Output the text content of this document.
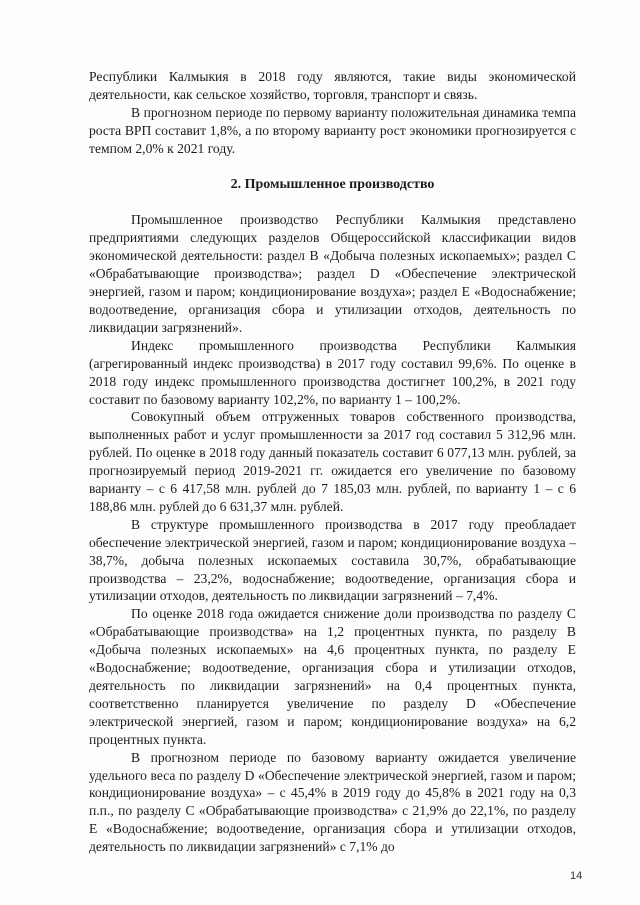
Республики Калмыкия в 2018 году являются, такие виды экономической деятельности, как сельское хозяйство, торговля, транспорт и связь.

В прогнозном периоде по первому варианту положительная динамика темпа роста ВРП составит 1,8%, а по второму варианту рост экономики прогнозируется с темпом 2,0% к 2021 году.

2. Промышленное производство

Промышленное производство Республики Калмыкия представлено предприятиями следующих разделов Общероссийской классификации видов экономической деятельности: раздел B «Добыча полезных ископаемых»; раздел C «Обрабатывающие производства»; раздел D «Обеспечение электрической энергией, газом и паром; кондиционирование воздуха»; раздел E «Водоснабжение; водоотведение, организация сбора и утилизации отходов, деятельность по ликвидации загрязнений».

Индекс промышленного производства Республики Калмыкия (агрегированный индекс производства) в 2017 году составил 99,6%. По оценке в 2018 году индекс промышленного производства достигнет 100,2%, в 2021 году составит по базовому варианту 102,2%, по варианту 1 – 100,2%.

Совокупный объем отгруженных товаров собственного производства, выполненных работ и услуг промышленности за 2017 год составил 5 312,96 млн. рублей. По оценке в 2018 году данный показатель составит 6 077,13 млн. рублей, за прогнозируемый период 2019-2021 гг. ожидается его увеличение по базовому варианту – с 6 417,58 млн. рублей до 7 185,03 млн. рублей, по варианту 1 – с 6 188,86 млн. рублей до 6 631,37 млн. рублей.

В структуре промышленного производства в 2017 году преобладает обеспечение электрической энергией, газом и паром; кондиционирование воздуха – 38,7%, добыча полезных ископаемых составила 30,7%, обрабатывающие производства – 23,2%, водоснабжение; водоотведение, организация сбора и утилизации отходов, деятельность по ликвидации загрязнений – 7,4%.

По оценке 2018 года ожидается снижение доли производства по разделу C «Обрабатывающие производства» на 1,2 процентных пункта, по разделу B «Добыча полезных ископаемых» на 4,6 процентных пункта, по разделу E «Водоснабжение; водоотведение, организация сбора и утилизации отходов, деятельность по ликвидации загрязнений» на 0,4 процентных пункта, соответственно планируется увеличение по разделу D «Обеспечение электрической энергией, газом и паром; кондиционирование воздуха» на 6,2 процентных пункта.

В прогнозном периоде по базовому варианту ожидается увеличение удельного веса по разделу D «Обеспечение электрической энергией, газом и паром; кондиционирование воздуха» – с 45,4% в 2019 году до 45,8% в 2021 году на 0,3 п.п., по разделу C «Обрабатывающие производства» с 21,9% до 22,1%, по разделу E «Водоснабжение; водоотведение, организация сбора и утилизации отходов, деятельность по ликвидации загрязнений» с 7,1% до

14
